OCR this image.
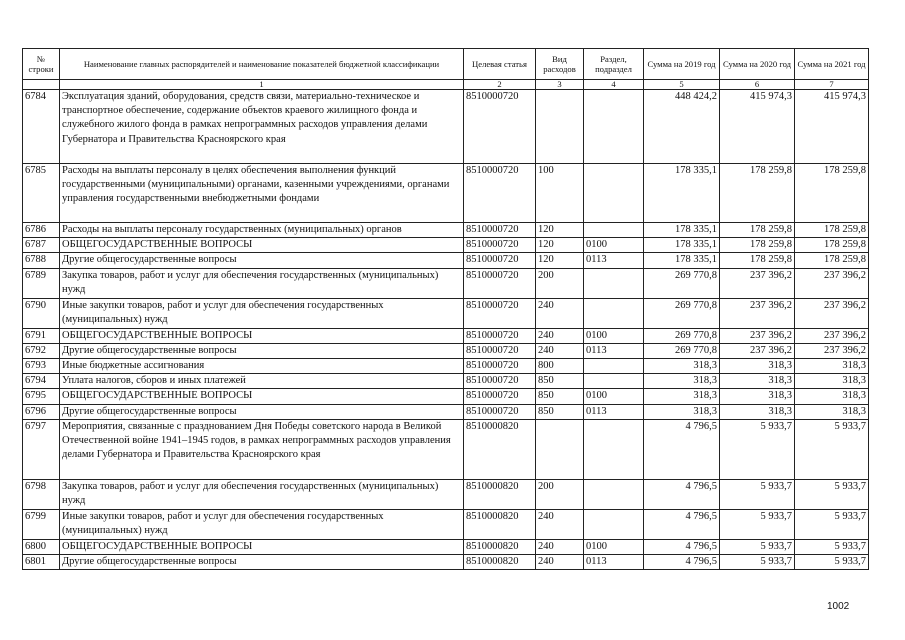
№ строки	Наименование главных распорядителей и наименование показателей бюджетной классификации	Целевая статья	Вид расходов	Раздел, подраздел	Сумма на 2019 год	Сумма на 2020 год	Сумма на 2021 год
	1	2	3	4	5	6	7
6784	Эксплуатация зданий, оборудования, средств связи, материально-техническое и транспортное обеспечение, содержание объектов краевого жилищного фонда и служебного жилого фонда в рамках непрограммных расходов управления делами Губернатора и Правительства Красноярского края	8510000720			448 424,2	415 974,3	415 974,3
6785	Расходы на выплаты персоналу в целях обеспечения выполнения функций государственными (муниципальными) органами, казенными учреждениями, органами управления государственными внебюджетными фондами	8510000720	100		178 335,1	178 259,8	178 259,8
6786	Расходы на выплаты персоналу государственных (муниципальных) органов	8510000720	120		178 335,1	178 259,8	178 259,8
6787	ОБЩЕГОСУДАРСТВЕННЫЕ ВОПРОСЫ	8510000720	120	0100	178 335,1	178 259,8	178 259,8
6788	Другие общегосударственные вопросы	8510000720	120	0113	178 335,1	178 259,8	178 259,8
6789	Закупка товаров, работ и услуг для обеспечения государственных (муниципальных) нужд	8510000720	200		269 770,8	237 396,2	237 396,2
6790	Иные закупки товаров, работ и услуг для обеспечения государственных (муниципальных) нужд	8510000720	240		269 770,8	237 396,2	237 396,2
6791	ОБЩЕГОСУДАРСТВЕННЫЕ ВОПРОСЫ	8510000720	240	0100	269 770,8	237 396,2	237 396,2
6792	Другие общегосударственные вопросы	8510000720	240	0113	269 770,8	237 396,2	237 396,2
6793	Иные бюджетные ассигнования	8510000720	800		318,3	318,3	318,3
6794	Уплата налогов, сборов и иных платежей	8510000720	850		318,3	318,3	318,3
6795	ОБЩЕГОСУДАРСТВЕННЫЕ ВОПРОСЫ	8510000720	850	0100	318,3	318,3	318,3
6796	Другие общегосударственные вопросы	8510000720	850	0113	318,3	318,3	318,3
6797	Мероприятия, связанные с празднованием Дня Победы советского народа в Великой Отечественной войне 1941–1945 годов, в рамках непрограммных расходов управления делами Губернатора и Правительства Красноярского края	8510000820			4 796,5	5 933,7	5 933,7
6798	Закупка товаров, работ и услуг для обеспечения государственных (муниципальных) нужд	8510000820	200		4 796,5	5 933,7	5 933,7
6799	Иные закупки товаров, работ и услуг для обеспечения государственных (муниципальных) нужд	8510000820	240		4 796,5	5 933,7	5 933,7
6800	ОБЩЕГОСУДАРСТВЕННЫЕ ВОПРОСЫ	8510000820	240	0100	4 796,5	5 933,7	5 933,7
6801	Другие общегосударственные вопросы	8510000820	240	0113	4 796,5	5 933,7	5 933,7
1002
